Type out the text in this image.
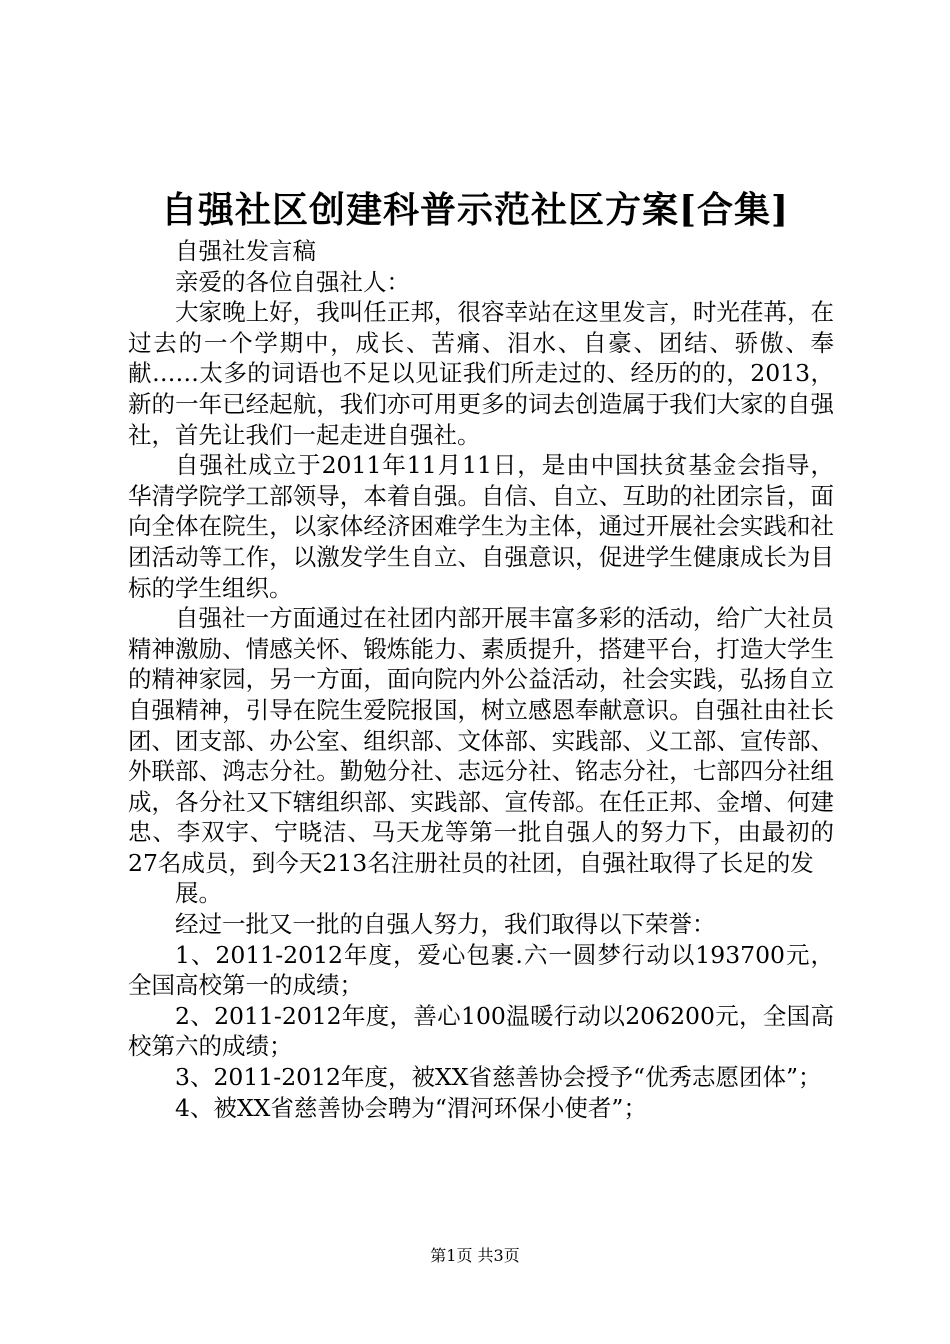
自强社区创建科普示范社区方案[合集]

自强社发言稿

亲爱的各位自强社人：

大家晚上好，我叫任正邦，很容幸站在这里发言，时光荏苒，在过去的一个学期中，成长、苦痛、泪水、自豪、团结、骄傲、奉献……太多的词语也不足以见证我们所走过的、经历的的，2013，新的一年已经起航，我们亦可用更多的词去创造属于我们大家的自强社，首先让我们一起走进自强社。

自强社成立于2011年11月11日，是由中国扶贫基金会指导，华清学院学工部领导，本着自强。自信、自立、互助的社团宗旨，面向全体在院生，以家体经济困难学生为主体，通过开展社会实践和社团活动等工作，以激发学生自立、自强意识，促进学生健康成长为目标的学生组织。

自强社一方面通过在社团内部开展丰富多彩的活动，给广大社员精神激励、情感关怀、锻炼能力、素质提升，搭建平台，打造大学生的精神家园，另一方面，面向院内外公益活动，社会实践，弘扬自立自强精神，引导在院生爱院报国，树立感恩奉献意识。自强社由社长团、团支部、办公室、组织部、文体部、实践部、义工部、宣传部、外联部、鸿志分社。勤勉分社、志远分社、铭志分社，七部四分社组成，各分社又下辖组织部、实践部、宣传部。在任正邦、金增、何建忠、李双宇、宁晓洁、马天龙等第一批自强人的努力下，由最初的27名成员，到今天213名注册社员的社团，自强社取得了长足的发

展。

经过一批又一批的自强人努力，我们取得以下荣誉：

1、2011-2012年度，爱心包裹.六一圆梦行动以193700元，全国高校第一的成绩；

2、2011-2012年度，善心100温暖行动以206200元，全国高校第六的成绩；

3、2011-2012年度，被XX省慈善协会授予“优秀志愿团体”；

4、被XX省慈善协会聘为“渭河环保小使者”；

第1页 共3页
